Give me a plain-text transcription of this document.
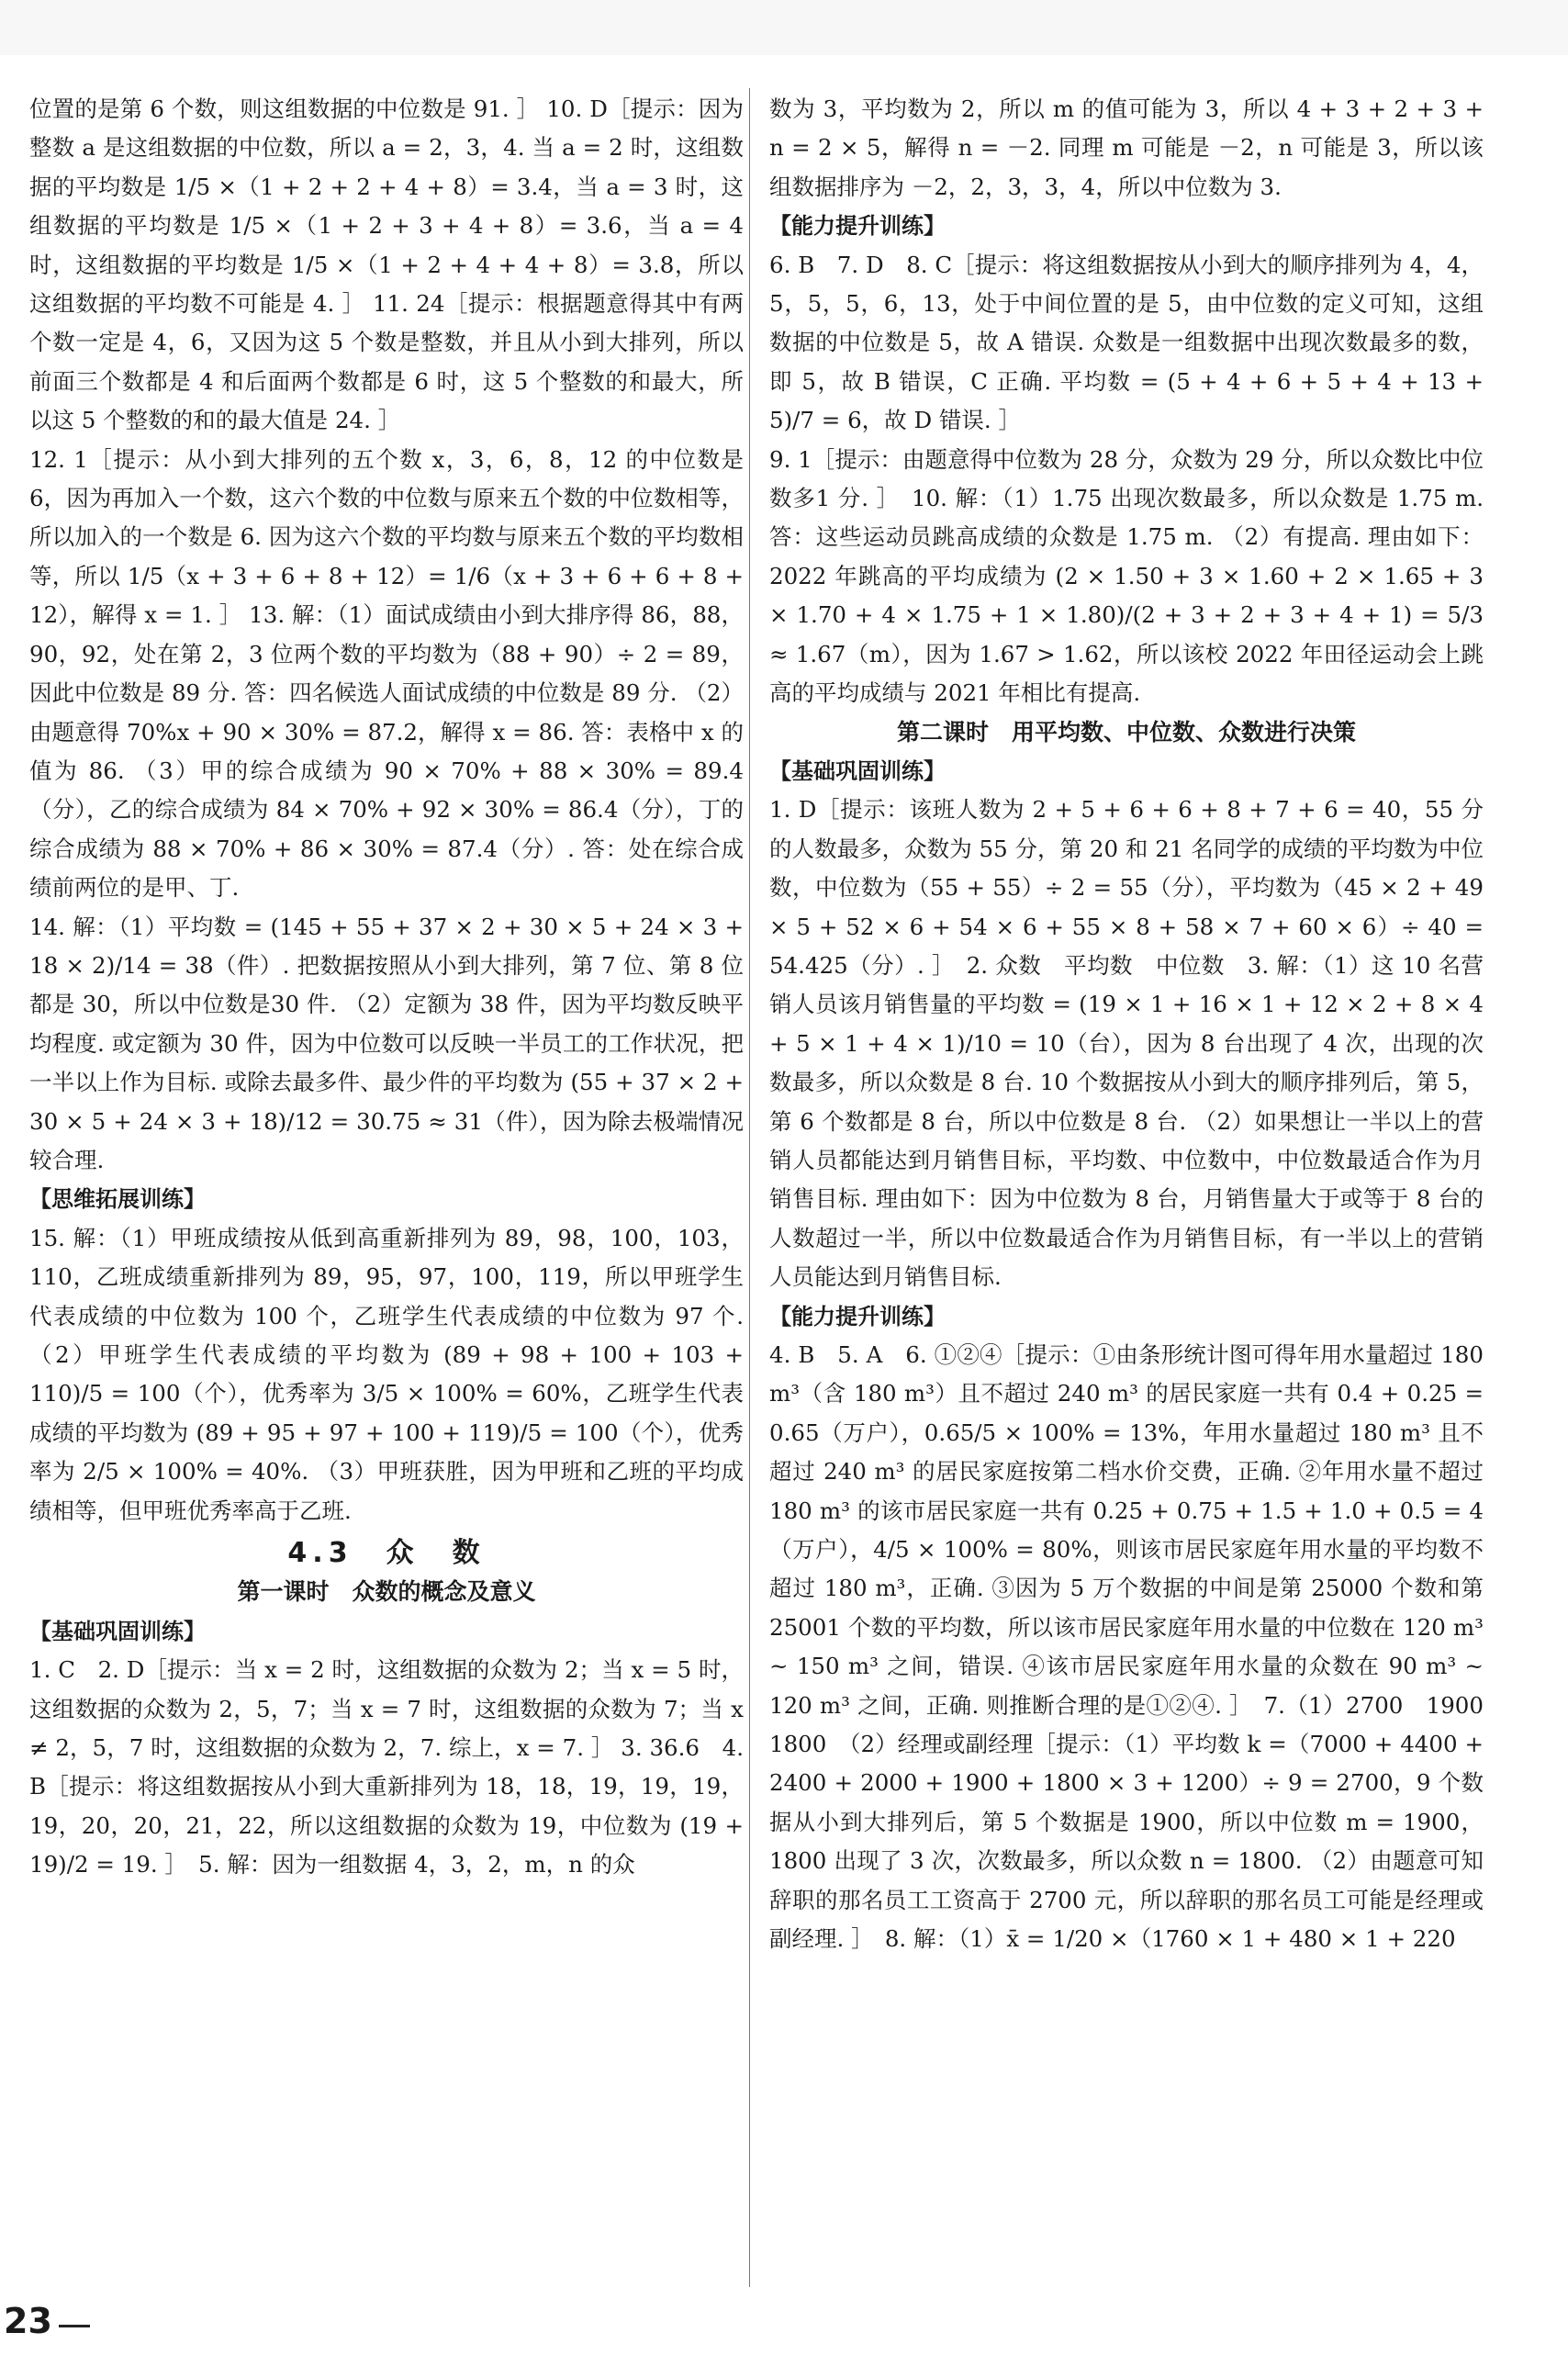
位置的是第 6 个数，则这组数据的中位数是 91. ］ 10. D［提示：因为整数 a 是这组数据的中位数，所以 a = 2，3，4. 当 a = 2 时，这组数据的平均数是 1/5 ×（1 + 2 + 2 + 4 + 8）= 3.4，当 a = 3 时，这组数据的平均数是 1/5 ×（1 + 2 + 3 + 4 + 8）= 3.6，当 a = 4 时，这组数据的平均数是 1/5 ×（1 + 2 + 4 + 4 + 8）= 3.8，所以这组数据的平均数不可能是 4. ］ 11. 24［提示：根据题意得其中有两个数一定是 4，6，又因为这 5 个数是整数，并且从小到大排列，所以前面三个数都是 4 和后面两个数都是 6 时，这 5 个整数的和最大，所以这 5 个整数的和的最大值是 24. ］
12. 1［提示：从小到大排列的五个数 x，3，6，8，12 的中位数是 6，因为再加入一个数，这六个数的中位数与原来五个数的中位数相等，所以加入的一个数是 6. 因为这六个数的平均数与原来五个数的平均数相等，所以 1/5（x + 3 + 6 + 8 + 12）= 1/6（x + 3 + 6 + 6 + 8 + 12），解得 x = 1. ］ 13. 解：（1）面试成绩由小到大排序得 86，88，90，92，处在第 2，3 位两个数的平均数为（88 + 90）÷ 2 = 89，因此中位数是 89 分. 答：四名候选人面试成绩的中位数是 89 分. （2）由题意得 70%x + 90 × 30% = 87.2，解得 x = 86. 答：表格中 x 的值为 86. （3）甲的综合成绩为 90 × 70% + 88 × 30% = 89.4（分），乙的综合成绩为 84 × 70% + 92 × 30% = 86.4（分），丁的综合成绩为 88 × 70% + 86 × 30% = 87.4（分）. 答：处在综合成绩前两位的是甲、丁.
14. 解：（1）平均数 = (145 + 55 + 37 × 2 + 30 × 5 + 24 × 3 + 18 × 2)/14 = 38（件）. 把数据按照从小到大排列，第 7 位、第 8 位都是 30，所以中位数是30 件. （2）定额为 38 件，因为平均数反映平均程度. 或定额为 30 件，因为中位数可以反映一半员工的工作状况，把一半以上作为目标. 或除去最多件、最少件的平均数为 (55 + 37 × 2 + 30 × 5 + 24 × 3 + 18)/12 = 30.75 ≈ 31（件），因为除去极端情况较合理.
【思维拓展训练】
15. 解：（1）甲班成绩按从低到高重新排列为 89，98，100，103，110，乙班成绩重新排列为 89，95，97，100，119，所以甲班学生代表成绩的中位数为 100 个，乙班学生代表成绩的中位数为 97 个. （2）甲班学生代表成绩的平均数为 (89 + 98 + 100 + 103 + 110)/5 = 100（个），优秀率为 3/5 × 100% = 60%，乙班学生代表成绩的平均数为 (89 + 95 + 97 + 100 + 119)/5 = 100（个），优秀率为 2/5 × 100% = 40%. （3）甲班获胜，因为甲班和乙班的平均成绩相等，但甲班优秀率高于乙班.
4.3　众　数
第一课时　众数的概念及意义
【基础巩固训练】
1. C　2. D［提示：当 x = 2 时，这组数据的众数为 2；当 x = 5 时，这组数据的众数为 2，5，7；当 x = 7 时，这组数据的众数为 7；当 x ≠ 2，5，7 时，这组数据的众数为 2，7. 综上，x = 7. ］ 3. 36.6　4. B［提示：将这组数据按从小到大重新排列为 18，18，19，19，19，19，20，20，21，22，所以这组数据的众数为 19，中位数为 (19 + 19)/2 = 19. ］　5. 解：因为一组数据 4，3，2，m，n 的众
数为 3，平均数为 2，所以 m 的值可能为 3，所以 4 + 3 + 2 + 3 + n = 2 × 5，解得 n = －2. 同理 m 可能是 －2，n 可能是 3，所以该组数据排序为 －2，2，3，3，4，所以中位数为 3.
【能力提升训练】
6. B　7. D　8. C［提示：将这组数据按从小到大的顺序排列为 4，4，5，5，5，6，13，处于中间位置的是 5，由中位数的定义可知，这组数据的中位数是 5，故 A 错误. 众数是一组数据中出现次数最多的数，即 5，故 B 错误，C 正确. 平均数 = (5 + 4 + 6 + 5 + 4 + 13 + 5)/7 = 6，故 D 错误. ］
9. 1［提示：由题意得中位数为 28 分，众数为 29 分，所以众数比中位数多1 分. ］　10. 解：（1）1.75 出现次数最多，所以众数是 1.75 m. 答：这些运动员跳高成绩的众数是 1.75 m. （2）有提高. 理由如下：2022 年跳高的平均成绩为 (2 × 1.50 + 3 × 1.60 + 2 × 1.65 + 3 × 1.70 + 4 × 1.75 + 1 × 1.80)/(2 + 3 + 2 + 3 + 4 + 1) = 5/3 ≈ 1.67（m），因为 1.67 > 1.62，所以该校 2022 年田径运动会上跳高的平均成绩与 2021 年相比有提高.
第二课时　用平均数、中位数、众数进行决策
【基础巩固训练】
1. D［提示：该班人数为 2 + 5 + 6 + 6 + 8 + 7 + 6 = 40，55 分的人数最多，众数为 55 分，第 20 和 21 名同学的成绩的平均数为中位数，中位数为（55 + 55）÷ 2 = 55（分），平均数为（45 × 2 + 49 × 5 + 52 × 6 + 54 × 6 + 55 × 8 + 58 × 7 + 60 × 6）÷ 40 = 54.425（分）. ］　2. 众数　平均数　中位数　3. 解：（1）这 10 名营销人员该月销售量的平均数 = (19 × 1 + 16 × 1 + 12 × 2 + 8 × 4 + 5 × 1 + 4 × 1)/10 = 10（台），因为 8 台出现了 4 次，出现的次数最多，所以众数是 8 台. 10 个数据按从小到大的顺序排列后，第 5，第 6 个数都是 8 台，所以中位数是 8 台. （2）如果想让一半以上的营销人员都能达到月销售目标，平均数、中位数中，中位数最适合作为月销售目标. 理由如下：因为中位数为 8 台，月销售量大于或等于 8 台的人数超过一半，所以中位数最适合作为月销售目标，有一半以上的营销人员能达到月销售目标.
【能力提升训练】
4. B　5. A　6. ①②④［提示：①由条形统计图可得年用水量超过 180 m³（含 180 m³）且不超过 240 m³ 的居民家庭一共有 0.4 + 0.25 = 0.65（万户），0.65/5 × 100% = 13%，年用水量超过 180 m³ 且不超过 240 m³ 的居民家庭按第二档水价交费，正确. ②年用水量不超过 180 m³ 的该市居民家庭一共有 0.25 + 0.75 + 1.5 + 1.0 + 0.5 = 4（万户），4/5 × 100% = 80%，则该市居民家庭年用水量的平均数不超过 180 m³，正确. ③因为 5 万个数据的中间是第 25000 个数和第 25001 个数的平均数，所以该市居民家庭年用水量的中位数在 120 m³ ~ 150 m³ 之间，错误. ④该市居民家庭年用水量的众数在 90 m³ ~ 120 m³ 之间，正确. 则推断合理的是①②④. ］　7.（1）2700　1900　1800　（2）经理或副经理［提示：（1）平均数 k =（7000 + 4400 + 2400 + 2000 + 1900 + 1800 × 3 + 1200）÷ 9 = 2700，9 个数据从小到大排列后，第 5 个数据是 1900，所以中位数 m = 1900，1800 出现了 3 次，次数最多，所以众数 n = 1800. （2）由题意可知辞职的那名员工工资高于 2700 元，所以辞职的那名员工可能是经理或副经理. ］　8. 解：（1）x̄ = 1/20 ×（1760 × 1 + 480 × 1 + 220
23
